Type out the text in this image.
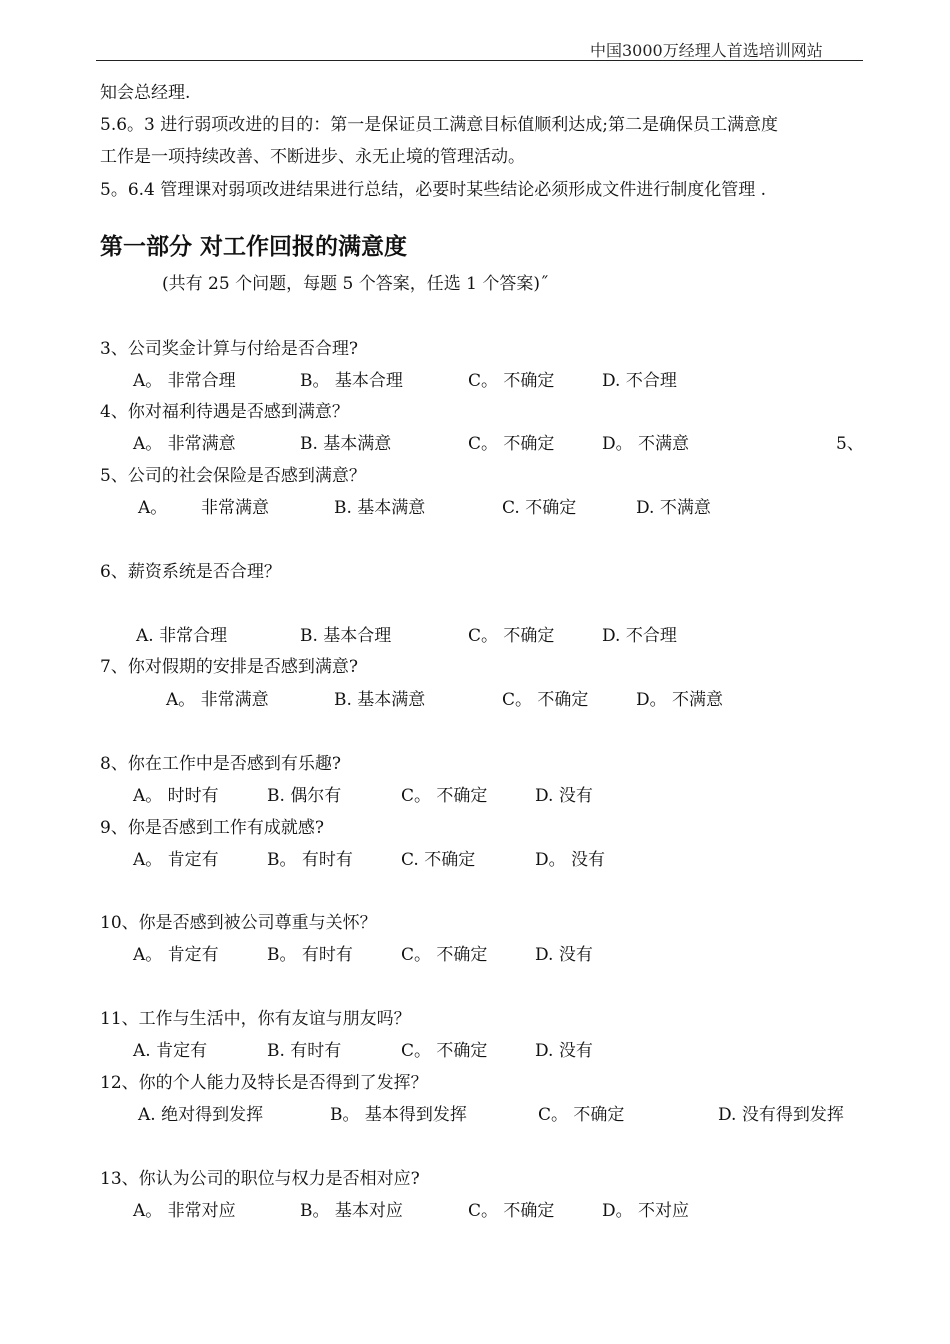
中国3000万经理人首选培训网站
知会总经理.
5.6。3 进行弱项改进的目的：第一是保证员工满意目标值顺利达成;第二是确保员工满意度
工作是一项持续改善、不断进步、永无止境的管理活动。
5。6.4 管理课对弱项改进结果进行总结，必要时某些结论必须形成文件进行制度化管理 .
第一部分 对工作回报的满意度
(共有 25 个问题，每题 5 个答案，任选 1 个答案)˝
3、公司奖金计算与付给是否合理?
A。 非常合理	B。 基本合理	C。 不确定	D. 不合理
4、你对福利待遇是否感到满意？
A。 非常满意	B. 基本满意	C。 不确定	D。 不满意	5、
5、公司的社会保险是否感到满意？
A。 非常满意	B. 基本满意	C. 不确定	D. 不满意
6、薪资系统是否合理？
A. 非常合理	B. 基本合理	C。 不确定	D. 不合理
7、你对假期的安排是否感到满意?
A。 非常满意	B. 基本满意	C。 不确定	D。 不满意
8、你在工作中是否感到有乐趣?
A。 时时有	B. 偶尔有	C。 不确定	D. 没有
9、你是否感到工作有成就感?
A。 肯定有	B。 有时有	C. 不确定	D。 没有
10、你是否感到被公司尊重与关怀？
A。 肯定有	B。 有时有	C。 不确定	D. 没有
11、工作与生活中，你有友谊与朋友吗？
A. 肯定有	B. 有时有	C。 不确定	D. 没有
12、你的个人能力及特长是否得到了发挥？
A. 绝对得到发挥	B。 基本得到发挥	C。 不确定	D. 没有得到发挥
13、你认为公司的职位与权力是否相对应?
A。 非常对应	B。 基本对应	C。 不确定	D。 不对应
